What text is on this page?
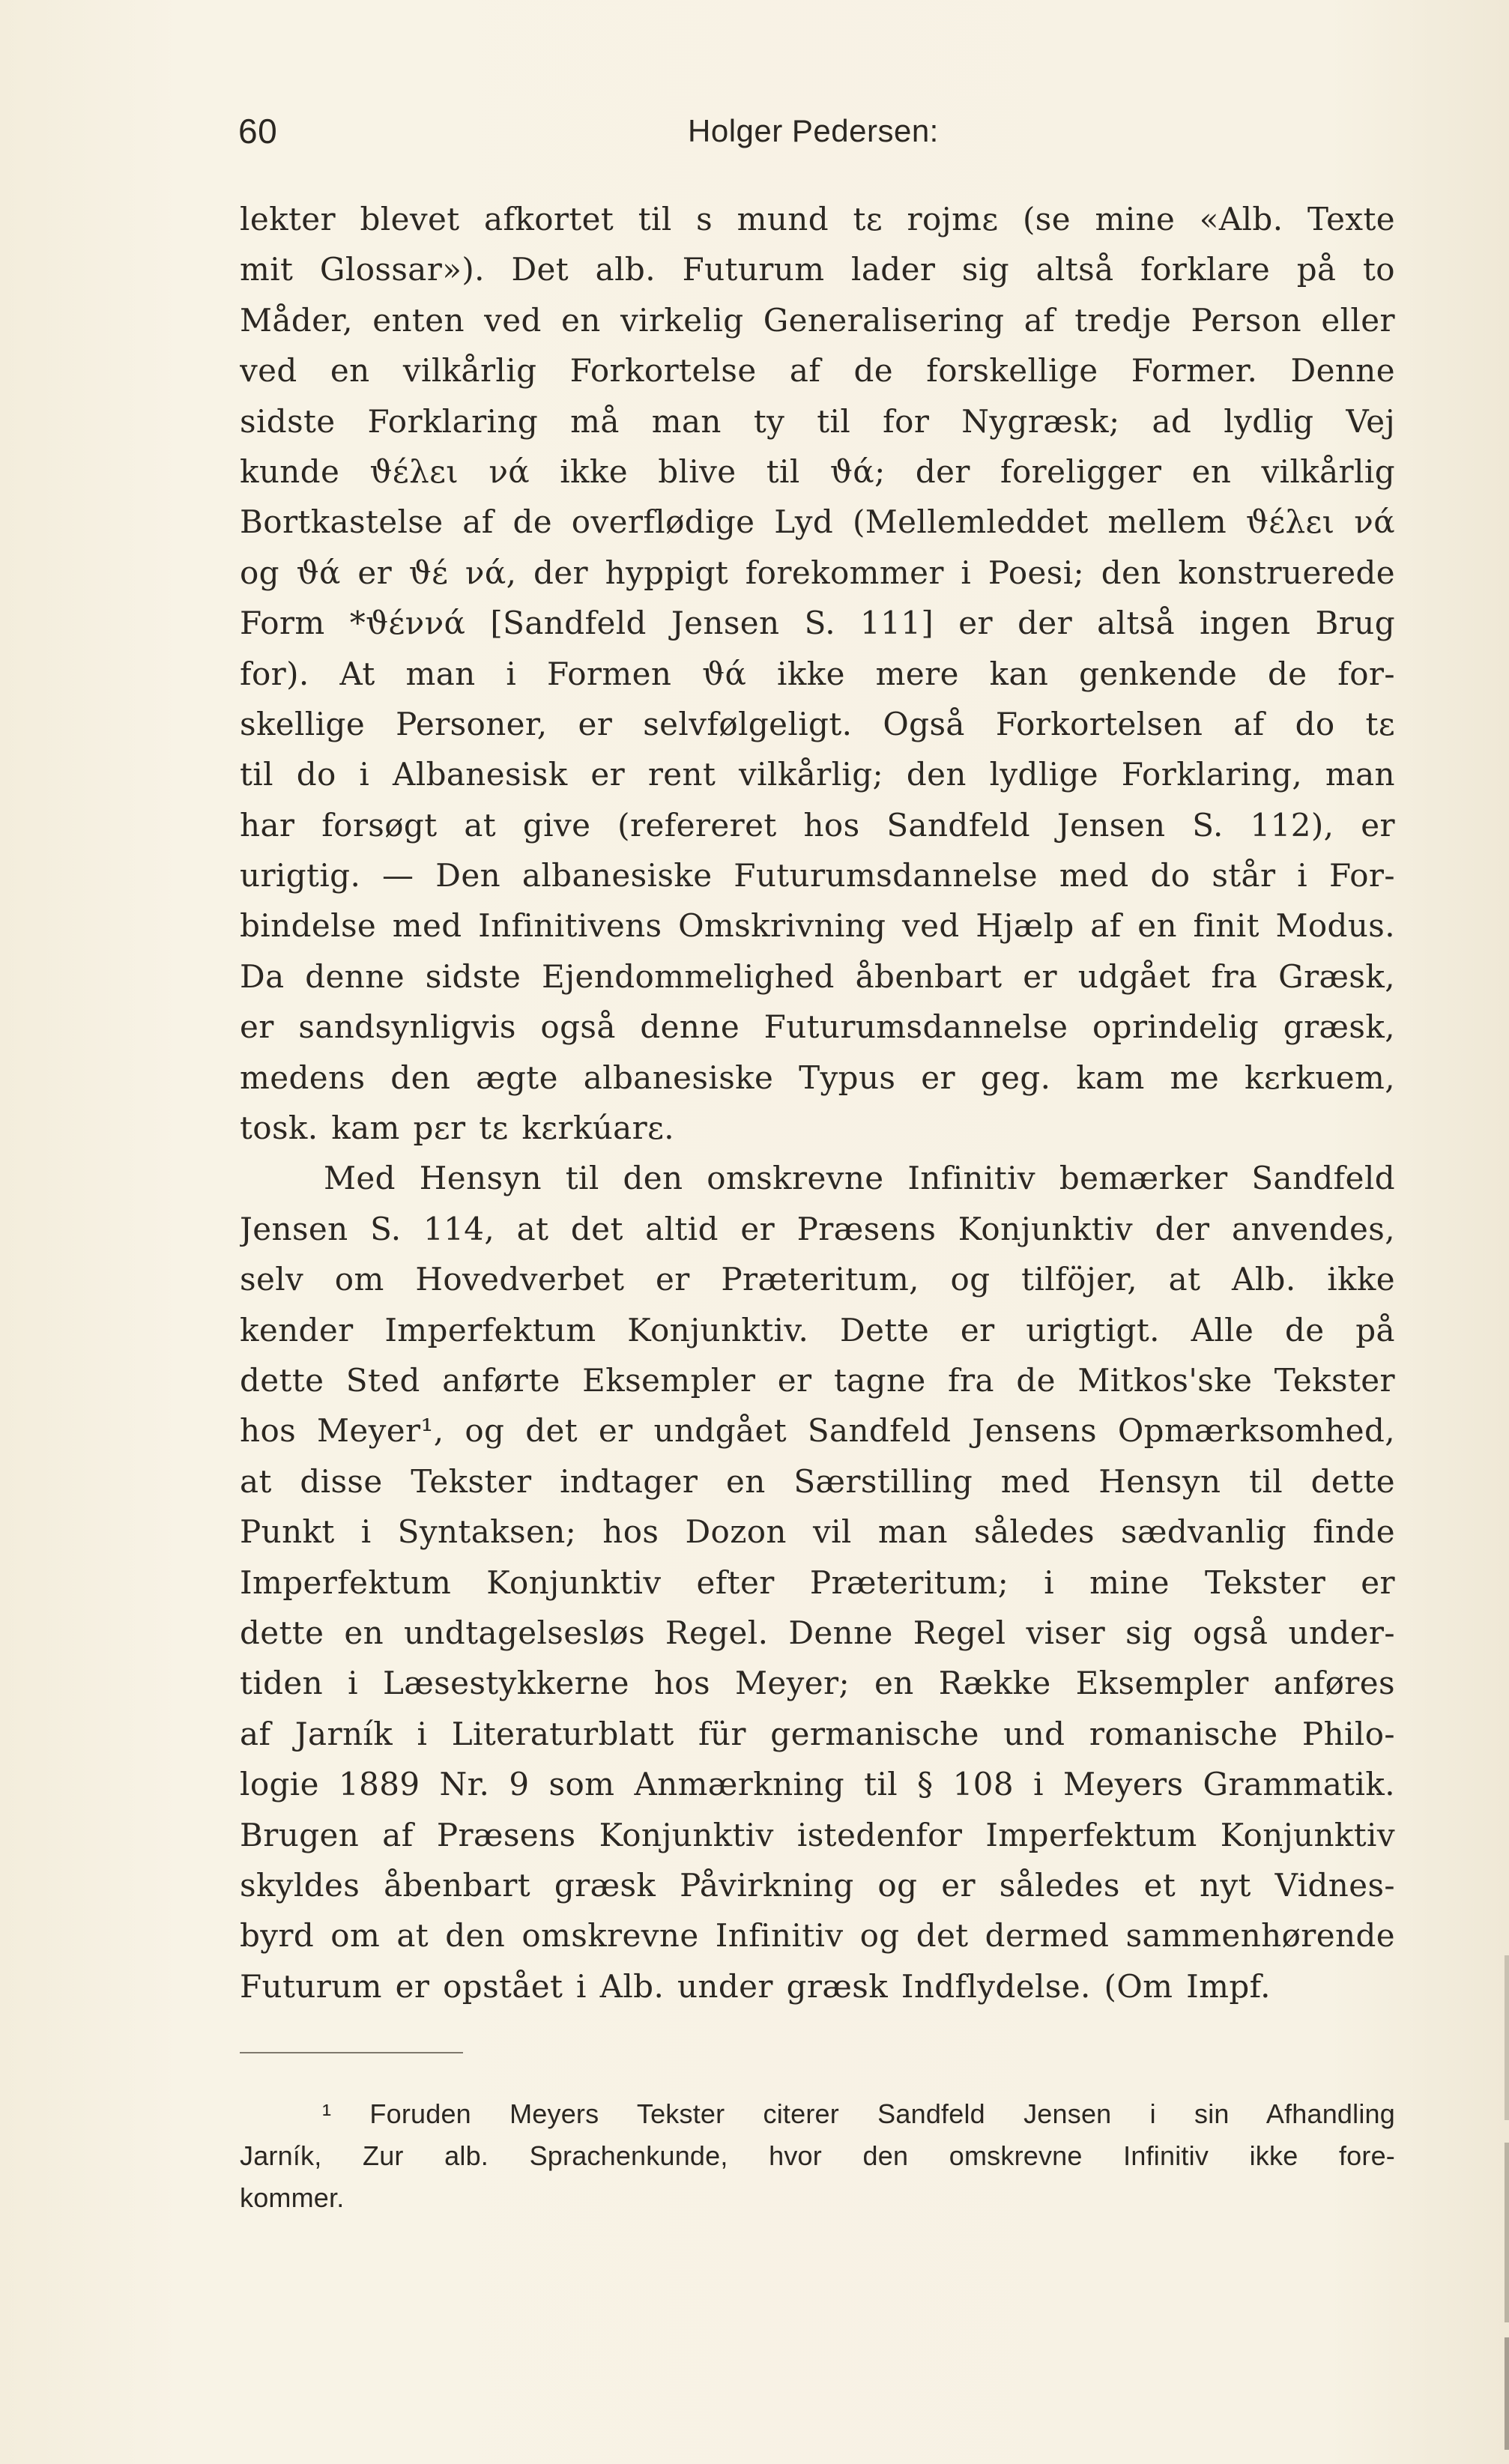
60	Holger Pedersen:
lekter blevet afkortet til s mund tε rojmε (se mine «Alb. Texte
mit Glossar»). Det alb. Futurum lader sig altså forklare på to
Måder, enten ved en virkelig Generalisering af tredje Person eller
ved en vilkårlig Forkortelse af de forskellige Former. Denne
sidste Forklaring må man ty til for Nygræsk; ad lydlig Vej
kunde ϑέλει νά ikke blive til ϑά; der foreligger en vilkårlig
Bortkastelse af de overflødige Lyd (Mellemleddet mellem ϑέλει νά
og ϑά er ϑέ νά, der hyppigt forekommer i Poesi; den konstruerede
Form *ϑέννά [Sandfeld Jensen S. 111] er der altså ingen Brug
for). At man i Formen ϑά ikke mere kan genkende de for-
skellige Personer, er selvfølgeligt. Også Forkortelsen af do tε
til do i Albanesisk er rent vilkårlig; den lydlige Forklaring, man
har forsøgt at give (refereret hos Sandfeld Jensen S. 112), er
urigtig. — Den albanesiske Futurumsdannelse med do står i For-
bindelse med Infinitivens Omskrivning ved Hjælp af en finit Modus.
Da denne sidste Ejendommelighed åbenbart er udgået fra Græsk,
er sandsynligvis også denne Futurumsdannelse oprindelig græsk,
medens den ægte albanesiske Typus er geg. kam me kεrkuem,
tosk. kam pεr tε kεrkúarε.
Med Hensyn til den omskrevne Infinitiv bemærker Sandfeld
Jensen S. 114, at det altid er Præsens Konjunktiv der anvendes,
selv om Hovedverbet er Præteritum, og tilföjer, at Alb. ikke
kender Imperfektum Konjunktiv. Dette er urigtigt. Alle de på
dette Sted anførte Eksempler er tagne fra de Mitkos'ske Tekster
hos Meyer¹, og det er undgået Sandfeld Jensens Opmærksomhed,
at disse Tekster indtager en Særstilling med Hensyn til dette
Punkt i Syntaksen; hos Dozon vil man således sædvanlig finde
Imperfektum Konjunktiv efter Præteritum; i mine Tekster er
dette en undtagelsesløs Regel. Denne Regel viser sig også under-
tiden i Læsestykkerne hos Meyer; en Række Eksempler anføres
af Jarník i Literaturblatt für germanische und romanische Philo-
logie 1889 Nr. 9 som Anmærkning til § 108 i Meyers Grammatik.
Brugen af Præsens Konjunktiv istedenfor Imperfektum Konjunktiv
skyldes åbenbart græsk Påvirkning og er således et nyt Vidnes-
byrd om at den omskrevne Infinitiv og det dermed sammenhørende
Futurum er opstået i Alb. under græsk Indflydelse. (Om Impf.
¹ Foruden Meyers Tekster citerer Sandfeld Jensen i sin Afhandling
Jarník, Zur alb. Sprachenkunde, hvor den omskrevne Infinitiv ikke fore-
kommer.
